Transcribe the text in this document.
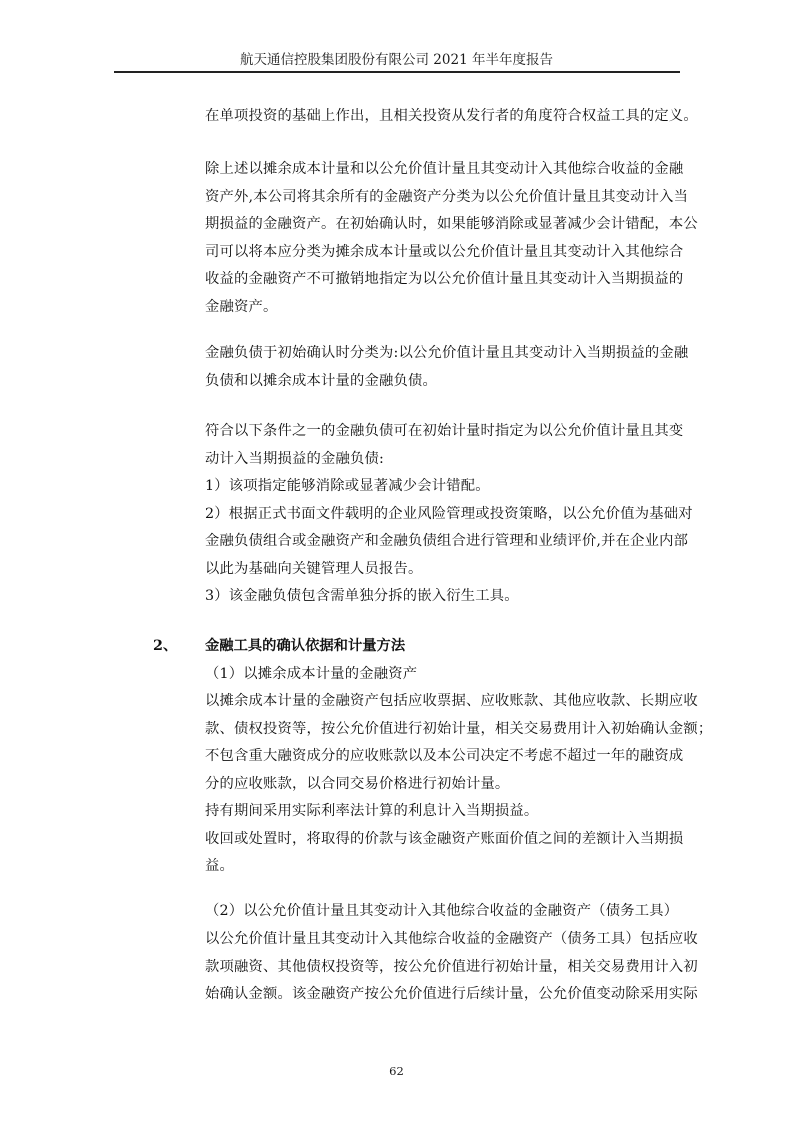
航天通信控股集团股份有限公司 2021 年半年度报告
在单项投资的基础上作出，且相关投资从发行者的角度符合权益工具的定义。
除上述以摊余成本计量和以公允价值计量且其变动计入其他综合收益的金融
资产外,本公司将其余所有的金融资产分类为以公允价值计量且其变动计入当
期损益的金融资产。在初始确认时，如果能够消除或显著减少会计错配，本公
司可以将本应分类为摊余成本计量或以公允价值计量且其变动计入其他综合
收益的金融资产不可撤销地指定为以公允价值计量且其变动计入当期损益的
金融资产。
金融负债于初始确认时分类为:以公允价值计量且其变动计入当期损益的金融
负债和以摊余成本计量的金融负债。
符合以下条件之一的金融负债可在初始计量时指定为以公允价值计量且其变
动计入当期损益的金融负债:
1）该项指定能够消除或显著减少会计错配。
2）根据正式书面文件载明的企业风险管理或投资策略，以公允价值为基础对
金融负债组合或金融资产和金融负债组合进行管理和业绩评价,并在企业内部
以此为基础向关键管理人员报告。
3）该金融负债包含需单独分拆的嵌入衍生工具。
2、 金融工具的确认依据和计量方法
（1）以摊余成本计量的金融资产
以摊余成本计量的金融资产包括应收票据、应收账款、其他应收款、长期应收
款、债权投资等，按公允价值进行初始计量，相关交易费用计入初始确认金额；
不包含重大融资成分的应收账款以及本公司决定不考虑不超过一年的融资成
分的应收账款，以合同交易价格进行初始计量。
持有期间采用实际利率法计算的利息计入当期损益。
收回或处置时，将取得的价款与该金融资产账面价值之间的差额计入当期损
益。
（2）以公允价值计量且其变动计入其他综合收益的金融资产（债务工具）
以公允价值计量且其变动计入其他综合收益的金融资产（债务工具）包括应收
款项融资、其他债权投资等，按公允价值进行初始计量，相关交易费用计入初
始确认金额。该金融资产按公允价值进行后续计量，公允价值变动除采用实际
62
